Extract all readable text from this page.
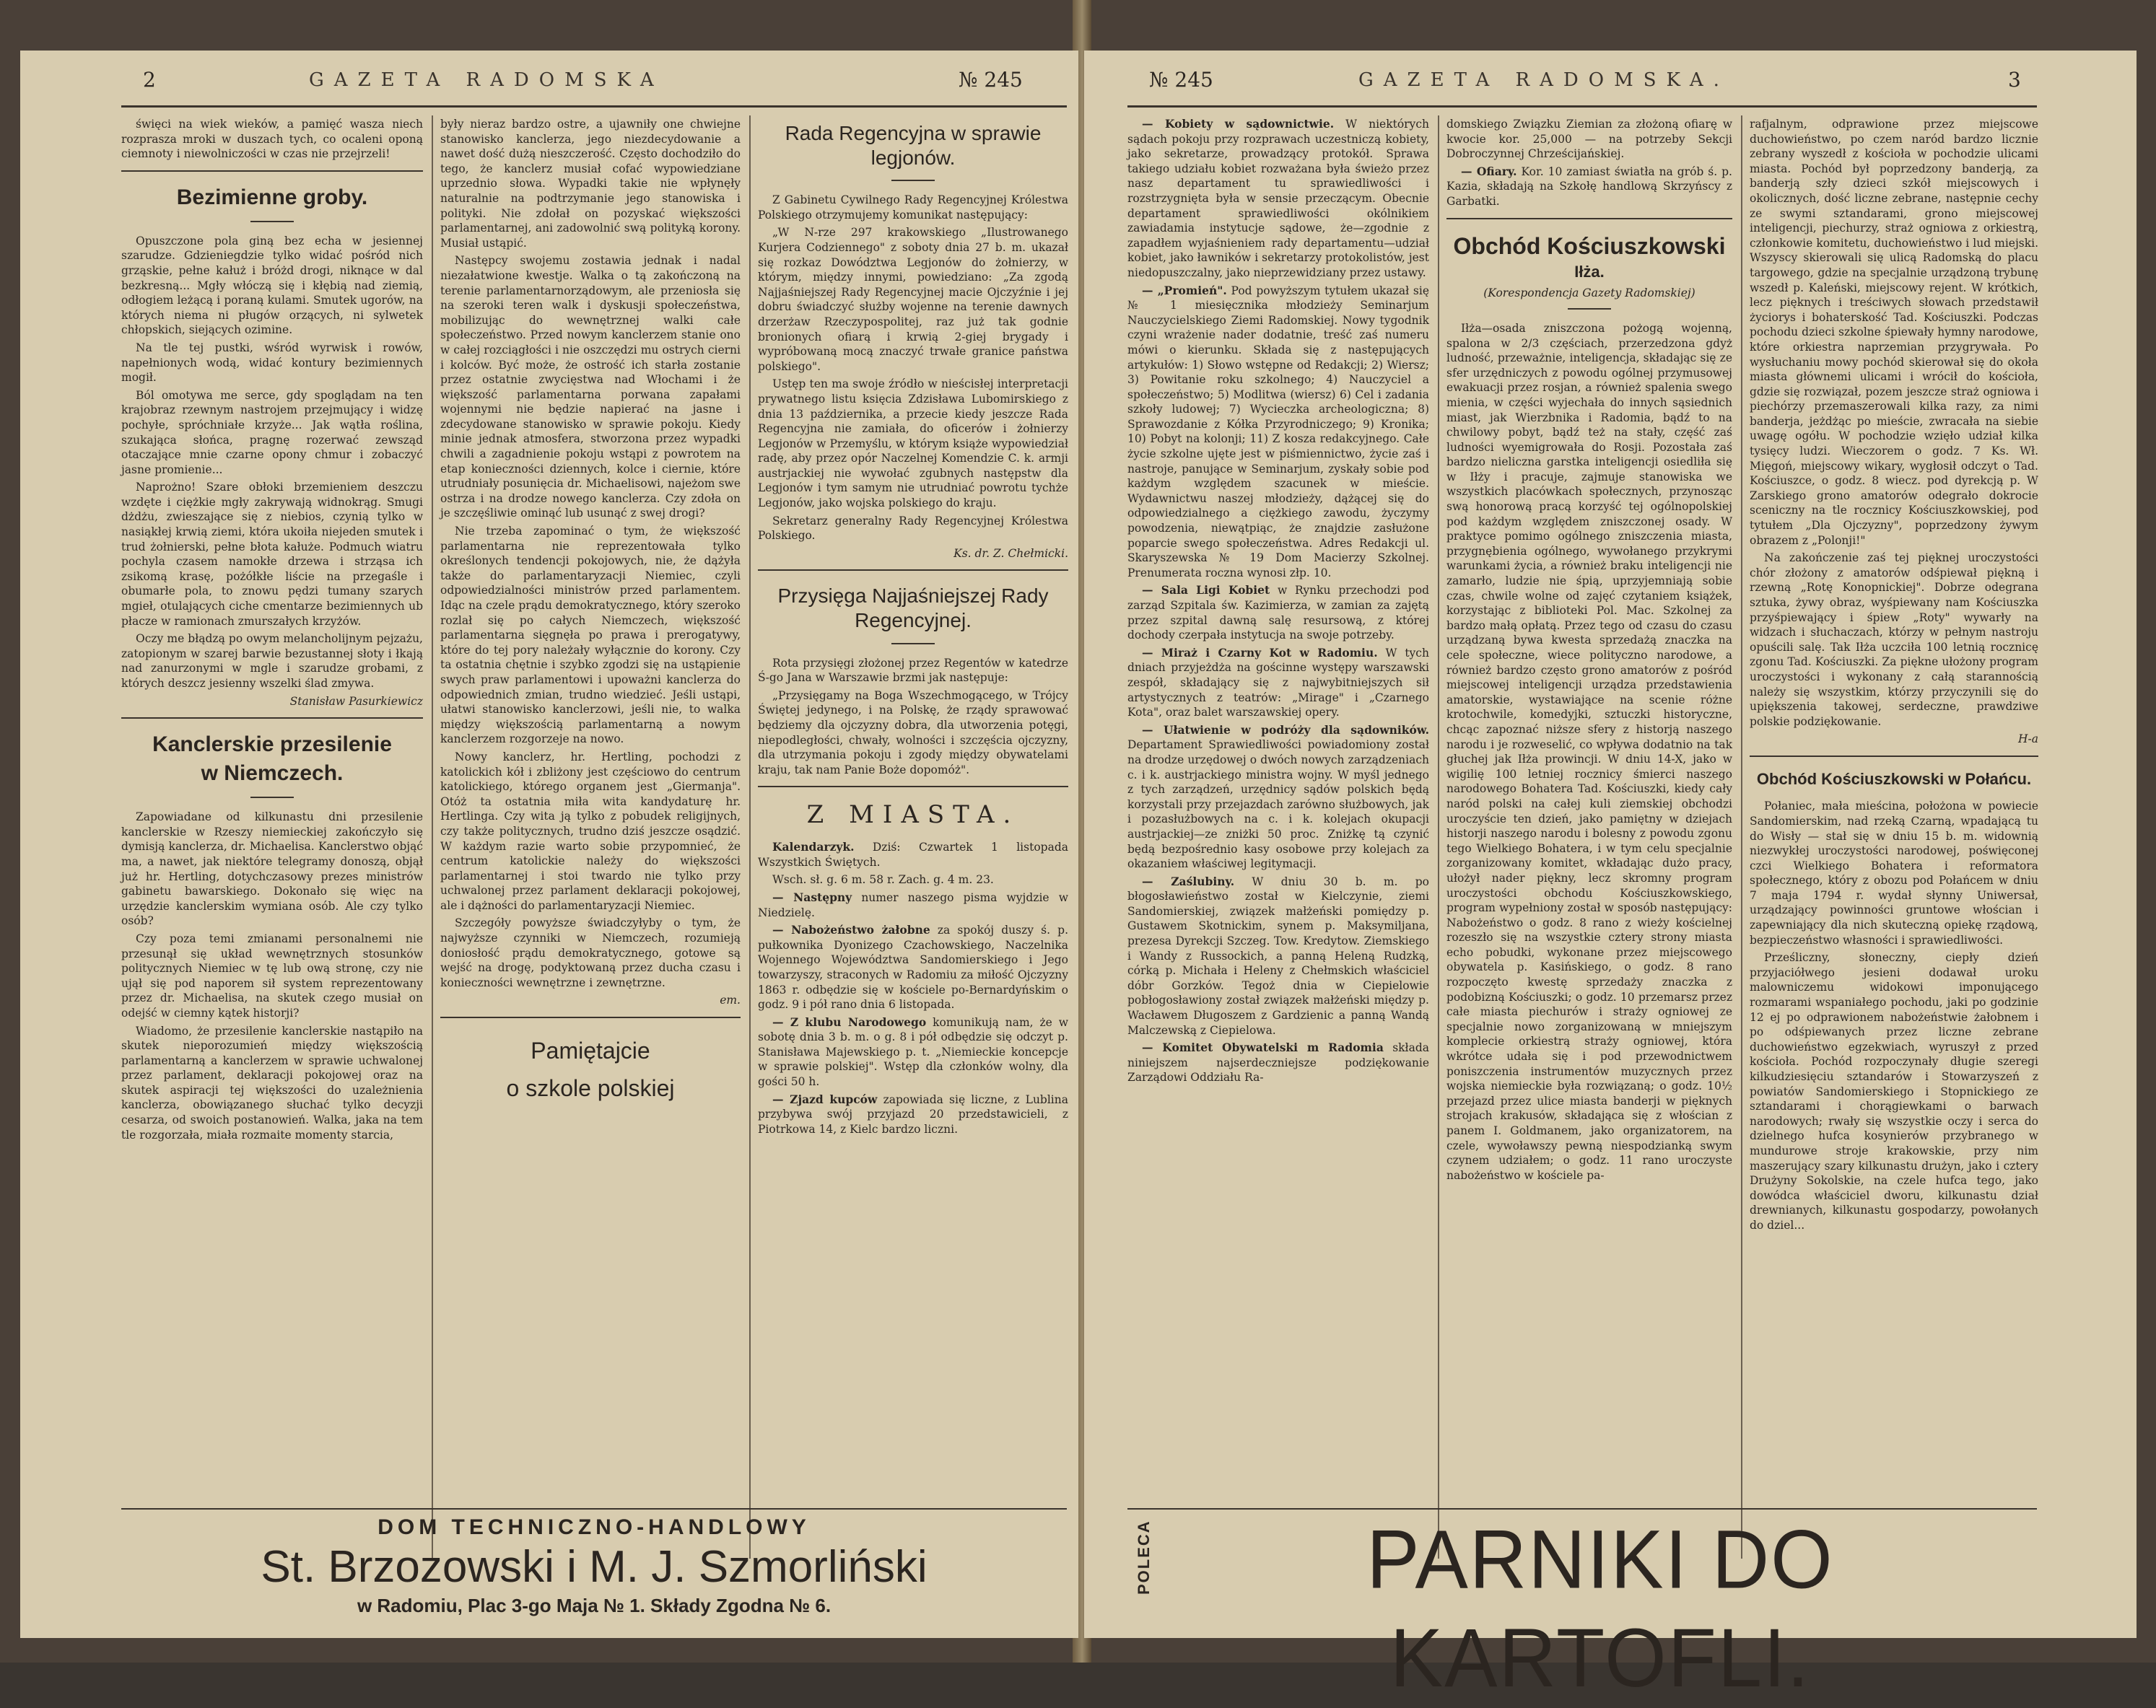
2	GAZETA RADOMSKA	№ 245

święci na wiek wieków, a pamięć wasza niech rozprasza mroki w duszach tych, co ocaleni oponą ciemnoty i niewolniczości w czas nie przejrzeli!

Bezimienne groby.

Opuszczone pola giną bez echa w jesiennej szarudze. Gdzieniegdzie tylko widać pośród nich grząskie, pełne kałuż i bróżd drogi, niknące w dal bezkresną... Mgły włóczą się i kłębią nad ziemią, odłogiem leżącą i poraną kulami. Smutek ugorów, na których niema ni pługów orzących, ni sylwetek chłopskich, siejących ozimine.

Na tle tej pustki, wśród wyrwisk i rowów, napełnionych wodą, widać kontury bezimiennych mogił.

Ból omotywa me serce, gdy spoglądam na ten krajobraz rzewnym nastrojem przejmujący i widzę pochyłe, spróchniałe krzyże... Jak wątła roślina, szukająca słońca, pragnę rozerwać zewsząd otaczające mnie czarne opony chmur i zobaczyć jasne promienie...

Naprożno! Szare obłoki brzemieniem deszczu wzdęte i ciężkie mgły zakrywają widnokrąg. Smugi dżdżu, zwieszające się z niebios, czynią tylko w nasiąkłej krwią ziemi, która ukoiła niejeden smutek i trud żołnierski, pełne błota kałuże. Podmuch wiatru pochyla czasem namokłe drzewa i strząsa ich zsikomą krasę, pożółkłe liście na przegaśle i obumarłe pola, to znowu pędzi tumany szarych mgieł, otulających ciche cmentarze bezimiennych ub płacze w ramionach zmurszałych krzyżów.

Oczy me błądzą po owym melancholijnym pejzażu, zatopionym w szarej barwie bezustannej słoty i łkają nad zanurzonymi w mgle i szarudze grobami, z których deszcz jesienny wszelki ślad zmywa.

Stanisław Pasurkiewicz

Kanclerskie przesilenie
w Niemczech.

Zapowiadane od kilkunastu dni przesilenie kanclerskie w Rzeszy niemieckiej zakończyło się dymisją kanclerza, dr. Michaelisa. Kanclerstwo objąć ma, a nawet, jak niektóre telegramy donoszą, objął już hr. Hertling, dotychczasowy prezes ministrów gabinetu bawarskiego. Dokonało się więc na urzędzie kanclerskim wymiana osób. Ale czy tylko osób?

Czy poza temi zmianami personalnemi nie przesunął się układ wewnętrznych stosunków politycznych Niemiec w tę lub ową stronę, czy nie ujął się pod naporem sił system reprezentowany przez dr. Michaelisa, na skutek czego musiał on odejść w ciemny kątek historji?

Wiadomo, że przesilenie kanclerskie nastąpiło na skutek nieporozumień między większością parlamentarną a kanclerzem w sprawie uchwalonej przez parlament, deklaracji pokojowej oraz na skutek aspiracji tej większości do uzależnienia kanclerza, obowiązanego słuchać tylko decyzji cesarza, od swoich postanowień. Walka, jaka na tem tle rozgorzała, miała rozmaite momenty starcia,

były nieraz bardzo ostre, a ujawniły one chwiejne stanowisko kanclerza, jego niezdecydowanie a nawet dość dużą nieszczerość. Często dochodziło do tego, że kanclerz musiał cofać wypowiedziane uprzednio słowa. Wypadki takie nie wpłynęły naturalnie na podtrzymanie jego stanowiska i polityki. Nie zdołał on pozyskać większości parlamentarnej, ani zadowolnić swą polityką korony. Musiał ustąpić.

Następcy swojemu zostawia jednak i nadal niezałatwione kwestje. Walka o tą zakończoną na terenie parlamentarnorządowym, ale przeniosła się na szeroki teren walk i dyskusji społeczeństwa, mobilizując do wewnętrznej walki całe społeczeństwo. Przed nowym kanclerzem stanie ono w całej rozciągłości i nie oszczędzi mu ostrych cierni i kolców. Być może, że ostrość ich starła zostanie przez ostatnie zwycięstwa nad Włochami i że większość parlamentarna porwana zapałami wojennymi nie będzie napierać na jasne i zdecydowane stanowisko w sprawie pokoju. Kiedy minie jednak atmosfera, stworzona przez wypadki chwili a zagadnienie pokoju wstąpi z powrotem na etap konieczności dziennych, kolce i ciernie, które utrudniały posunięcia dr. Michaelisowi, najeżom swe ostrza i na drodze nowego kanclerza. Czy zdoła on je szczęśliwie ominąć lub usunąć z swej drogi?

Nie trzeba zapominać o tym, że większość parlamentarna nie reprezentowała tylko określonych tendencji pokojowych, nie, że dążyła także do parlamentaryzacji Niemiec, czyli odpowiedzialności ministrów przed parlamentem. Idąc na czele prądu demokratycznego, który szeroko rozlał się po całych Niemczech, większość parlamentarna sięgnęła po prawa i prerogatywy, które do tej pory należały wyłącznie do korony. Czy ta ostatnia chętnie i szybko zgodzi się na ustąpienie swych praw parlamentowi i upoważni kanclerza do odpowiednich zmian, trudno wiedzieć. Jeśli ustąpi, ułatwi stanowisko kanclerzowi, jeśli nie, to walka między większością parlamentarną a nowym kanclerzem rozgorzeje na nowo.

Nowy kanclerz, hr. Hertling, pochodzi z katolickich kół i zbliżony jest częściowo do centrum katolickiego, którego organem jest „Giermanja". Otóż ta ostatnia miła wita kandydaturę hr. Hertlinga. Czy wita ją tylko z pobudek religijnych, czy także politycznych, trudno dziś jeszcze osądzić. W każdym razie warto sobie przypomnieć, że centrum katolickie należy do większości parlamentarnej i stoi twardo nie tylko przy uchwalonej przez parlament deklaracji pokojowej, ale i dążności do parlamentaryzacji Niemiec.

Szczegóły powyższe świadczyłyby o tym, że najwyższe czynniki w Niemczech, rozumieją doniosłość prądu demokratycznego, gotowe są wejść na drogę, podyktowaną przez ducha czasu i konieczności wewnętrzne i zewnętrzne.

em.

Pamiętajcie
o szkole polskiej
Rada Regencyjna w sprawie legjonów.

Z Gabinetu Cywilnego Rady Regencyjnej Królestwa Polskiego otrzymujemy komunikat następujący:

„W N-rze 297 krakowskiego „Ilustrowanego Kurjera Codziennego" z soboty dnia 27 b. m. ukazał się rozkaz Dowództwa Legjonów do żołnierzy, w którym, między innymi, powiedziano: „Za zgodą Najjaśniejszej Rady Regencyjnej macie Ojczyźnie i jej dobru świadczyć służby wojenne na terenie dawnych drzerżaw Rzeczypospolitej, raz już tak godnie bronionych ofiarą i krwią 2-giej brygady i wypróbowaną mocą znaczyć trwałe granice państwa polskiego".

Ustęp ten ma swoje źródło w nieścisłej interpretacji prywatnego listu księcia Zdzisława Lubomirskiego z dnia 13 października, a przecie kiedy jeszcze Rada Regencyjna nie zamiała, do oficerów i żołnierzy Legjonów w Przemyślu, w którym książe wypowiedział radę, aby przez opór Naczelnej Komendzie C. k. armji austrjackiej nie wywołać zgubnych następstw dla Legjonów i tym samym nie utrudniać powrotu tychże Legjonów, jako wojska polskiego do kraju.

Sekretarz generalny Rady Regencyjnej Królestwa Polskiego.

Ks. dr. Z. Chełmicki.

Przysięga Najjaśniejszej Rady Regencyjnej.

Rota przysięgi złożonej przez Regentów w katedrze Ś-go Jana w Warszawie brzmi jak następuje:

„Przysięgamy na Boga Wszechmogącego, w Trójcy Świętej jedynego, i na Polskę, że rządy sprawować będziemy dla ojczyzny dobra, dla utworzenia potęgi, niepodległości, chwały, wolności i szczęścia ojczyzny, dla utrzymania pokoju i zgody między obywatelami kraju, tak nam Panie Boże dopomóż".

Z MIASTA.

Kalendarzyk. Dziś: Czwartek 1 listopada Wszystkich Świętych.

Wsch. sł. g. 6 m. 58 r. Zach. g. 4 m. 23.

— Następny numer naszego pisma wyjdzie w Niedzielę.

— Nabożeństwo żałobne za spokój duszy ś. p. pułkownika Dyonizego Czachowskiego, Naczelnika Wojennego Województwa Sandomierskiego i Jego towarzyszy, straconych w Radomiu za miłość Ojczyzny 1863 r. odbędzie się w kościele po-Bernardyńskim o godz. 9 i pół rano dnia 6 listopada.

— Z klubu Narodowego komunikują nam, że w sobotę dnia 3 b. m. o g. 8 i pół odbędzie się odczyt p. Stanisława Majewskiego p. t. „Niemieckie koncepcje w sprawie polskiej". Wstęp dla członków wolny, dla gości 50 h.

— Zjazd kupców zapowiada się liczne, z Lublina przybywa swój przyjazd 20 przedstawicieli, z Piotrkowa 14, z Kielc bardzo liczni.

DOM TECHNICZNO-HANDLOWY
St. Brzozowski i M. J. Szmorliński
w Radomiu, Plac 3-go Maja № 1. Składy Zgodna № 6.
№ 245	GAZETA RADOMSKA.	3

— Kobiety w sądownictwie. W niektórych sądach pokoju przy rozprawach uczestniczą kobiety, jako sekretarze, prowadzący protokół. Sprawa takiego udziału kobiet rozważana była świeżo przez nasz departament tu sprawiedliwości i rozstrzygnięta była w sensie przeczącym. Obecnie departament sprawiedliwości okólnikiem zawiadamia instytucje sądowe, że—zgodnie z zapadłem wyjaśnieniem rady departamentu—udział kobiet, jako ławników i sekretarzy protokolistów, jest niedopuszczalny, jako nieprzewidziany przez ustawy.

— „Promień". Pod powyższym tytułem ukazał się № 1 miesięcznika młodzieży Seminarjum Nauczycielskiego Ziemi Radomskiej. Nowy tygodnik czyni wrażenie nader dodatnie, treść zaś numeru mówi o kierunku. Składa się z następujących artykułów: 1) Słowo wstępne od Redakcji; 2) Wiersz; 3) Powitanie roku szkolnego; 4) Nauczyciel a społeczeństwo; 5) Modlitwa (wiersz) 6) Cel i zadania szkoły ludowej; 7) Wycieczka archeologiczna; 8) Sprawozdanie z Kółka Przyrodniczego; 9) Kronika; 10) Pobyt na kolonji; 11) Z kosza redakcyjnego. Całe życie szkolne ujęte jest w piśmiennictwo, życie zaś i nastroje, panujące w Seminarjum, zyskały sobie pod każdym względem szacunek w mieście. Wydawnictwu naszej młodzieży, dążącej się do odpowiedzialnego a ciężkiego zawodu, życzymy powodzenia, niewątpiąc, że znajdzie zasłużone poparcie swego społeczeństwa. Adres Redakcji ul. Skaryszewska № 19 Dom Macierzy Szkolnej. Prenumerata roczna wynosi złp. 10.

— Sala Ligi Kobiet w Rynku przechodzi pod zarząd Szpitala św. Kazimierza, w zamian za zajętą przez szpital dawną salę resursową, z której dochody czerpała instytucja na swoje potrzeby.

— Miraż i Czarny Kot w Radomiu. W tych dniach przyjeżdża na gościnne występy warszawski zespół, składający się z najwybitniejszych sił artystycznych z teatrów: „Mirage" i „Czarnego Kota", oraz balet warszawskiej opery.

— Ułatwienie w podróży dla sądowników. Departament Sprawiedliwości powiadomiony został na drodze urzędowej o dwóch nowych zarządzeniach c. i k. austrjackiego ministra wojny. W myśl jednego z tych zarządzeń, urzędnicy sądów polskich będą korzystali przy przejazdach zarówno służbowych, jak i pozasłużbowych na c. i k. kolejach okupacji austrjackiej—ze zniżki 50 proc. Zniżkę tą czynić będą bezpośrednio kasy osobowe przy kolejach za okazaniem właściwej legitymacji.

— Zaślubiny. W dniu 30 b. m. po błogosławieństwo został w Kielczynie, ziemi Sandomierskiej, związek małżeński pomiędzy p. Gustawem Skotnickim, synem p. Maksymiljana, prezesa Dyrekcji Szczeg. Tow. Kredytow. Ziemskiego i Wandy z Russockich, a panną Heleną Rudzką, córką p. Michała i Heleny z Chełmskich właściciel dóbr Gorzków. Tegoż dnia w Ciepielowie pobłogosławiony został związek małżeński między p. Wacławem Długoszem z Gardzienic a panną Wandą Malczewską z Ciepielowa.

— Komitet Obywatelski m Radomia składa niniejszem najserdeczniejsze podziękowanie Zarządowi Oddziału Ra-

domskiego Związku Ziemian za złożoną ofiarę w kwocie kor. 25,000 — na potrzeby Sekcji Dobroczynnej Chrześcijańskiej.

— Ofiary. Kor. 10 zamiast światła na grób ś. p. Kazia, składają na Szkołę handlową Skrzyńscy z Garbatki.

Obchód Kościuszkowski
Iłża.
(Korespondencja Gazety Radomskiej)

Iłża—osada zniszczona pożogą wojenną, spalona w 2/3 częściach, przerzedzona gdyż ludność, przeważnie, inteligencja, składając się ze sfer urzędniczych z powodu ogólnej przymusowej ewakuacji przez rosjan, a również spalenia swego mienia, w części wyjechała do innych sąsiednich miast, jak Wierzbnika i Radomia, bądź to na chwilowy pobyt, bądź też na stały, część zaś ludności wyemigrowała do Rosji. Pozostała zaś bardzo nieliczna garstka inteligencji osiedliła się w Iłży i pracuje, zajmuje stanowiska we wszystkich placówkach społecznych, przynosząc swą honorową pracą korzyść tej ogólnopolskiej pod każdym względem zniszczonej osady. W praktyce pomimo ogólnego zniszczenia miasta, przygnębienia ogólnego, wywołanego przykrymi warunkami życia, a również braku inteligencji nie zamarło, ludzie nie śpią, uprzyjemniają sobie czas, chwile wolne od zajęć czytaniem książek, korzystając z biblioteki Pol. Mac. Szkolnej za bardzo małą opłatą. Przez tego od czasu do czasu urządzaną bywa kwesta sprzedażą znaczka na cele społeczne, wiece polityczno narodowe, a również bardzo często grono amatorów z pośród miejscowej inteligencji urządza przedstawienia amatorskie, wystawiające na scenie różne krotochwile, komedyjki, sztuczki historyczne, chcąc zapoznać niższe sfery z historją naszego narodu i je rozweselić, co wpływa dodatnio na tak głuchej jak Iłża prowincji. W dniu 14-X, jako w wigilię 100 letniej rocznicy śmierci naszego narodowego Bohatera Tad. Kościuszki, kiedy cały naród polski na całej kuli ziemskiej obchodzi uroczyście ten dzień, jako pamiętny w dziejach historji naszego narodu i bolesny z powodu zgonu tego Wielkiego Bohatera, i w tym celu specjalnie zorganizowany komitet, wkładając dużo pracy, ułożył nader piękny, lecz skromny program uroczystości obchodu Kościuszkowskiego, program wypełniony został w sposób następujący: Nabożeństwo o godz. 8 rano z wieży kościelnej rozeszło się na wszystkie cztery strony miasta echo pobudki, wykonane przez miejscowego obywatela p. Kasińskiego, o godz. 8 rano rozpoczęto kwestę sprzedaży znaczka z podobizną Kościuszki; o godz. 10 przemarsz przez całe miasta piechurów i straży ogniowej ze specjalnie nowo zorganizowaną w mniejszym komplecie orkiestrą straży ogniowej, która wkrótce udała się i pod przewodnictwem poniszczenia instrumentów muzycznych przez wojska niemieckie była rozwiązaną; o godz. 10½ przejazd przez ulice miasta banderji w pięknych strojach krakusów, składająca się z włościan z panem I. Goldmanem, jako organizatorem, na czele, wywoławszy pewną niespodzianką swym czynem udziałem; o godz. 11 rano uroczyste nabożeństwo w kościele pa-

rafjalnym, odprawione przez miejscowe duchowieństwo, po czem naród bardzo licznie zebrany wyszedł z kościoła w pochodzie ulicami miasta. Pochód był poprzedzony banderją, za banderją szły dzieci szkół miejscowych i okolicznych, dość liczne zebrane, następnie cechy ze swymi sztandarami, grono miejscowej inteligencji, piechurzy, straż ogniowa z orkiestrą, członkowie komitetu, duchowieństwo i lud miejski. Wszyscy skierowali się ulicą Radomską do placu targowego, gdzie na specjalnie urządzoną trybunę wszedł p. Kaleński, miejscowy rejent. W krótkich, lecz pięknych i treściwych słowach przedstawił życiorys i bohaterskość Tad. Kościuszki. Podczas pochodu dzieci szkolne śpiewały hymny narodowe, które orkiestra naprzemian przygrywała. Po wysłuchaniu mowy pochód skierował się do okoła miasta głównemi ulicami i wrócił do kościoła, gdzie się rozwiązał, pozem jeszcze straż ogniowa i piechórzy przemaszerowali kilka razy, za nimi banderja, jeżdżąc po mieście, zwracała na siebie uwagę ogółu. W pochodzie wzięło udział kilka tysięcy ludzi. Wieczorem o godz. 7 Ks. Wł. Mięgoń, miejscowy wikary, wygłosił odczyt o Tad. Kościuszce, o godz. 8 wiecz. pod dyrekcją p. W Zarskiego grono amatorów odegrało dokrocie sceniczny na tle rocznicy Kościuszkowskiej, pod tytułem „Dla Ojczyzny", poprzedzony żywym obrazem z „Polonji!"

Na zakończenie zaś tej pięknej uroczystości chór złożony z amatorów odśpiewał piękną i rzewną „Rotę Konopnickiej". Dobrze odegrana sztuka, żywy obraz, wyśpiewany nam Kościuszka przyśpiewający i śpiew „Roty" wywarły na widzach i słuchaczach, którzy w pełnym nastroju opuścili salę. Tak Iłża uczciła 100 letnią rocznicę zgonu Tad. Kościuszki. Za piękne ułożony program uroczystości i wykonany z całą starannością należy się wszystkim, którzy przyczynili się do upiększenia takowej, serdeczne, prawdziwe polskie podziękowanie.

H-a

Obchód Kościuszkowski w Połańcu.

Połaniec, mała mieścina, położona w powiecie Sandomierskim, nad rzeką Czarną, wpadającą tu do Wisły — stał się w dniu 15 b. m. widownią niezwykłej uroczystości narodowej, poświęconej czci Wielkiego Bohatera i reformatora społecznego, który z obozu pod Połańcem w dniu 7 maja 1794 r. wydał słynny Uniwersał, urządzający powinności gruntowe włościan i zapewniający dla nich skuteczną opiekę rządową, bezpieczeństwo własności i sprawiedliwości.

Prześliczny, słoneczny, ciepły dzień przyjaciółwego jesieni dodawał uroku malowniczemu widokowi imponującego rozmarami wspaniałego pochodu, jaki po godzinie 12 ej po odprawionem nabożeństwie żałobnem i po odśpiewanych przez liczne zebrane duchowieństwo egzekwiach, wyruszył z przed kościoła. Pochód rozpoczynały długie szeregi kilkudziesięciu sztandarów i Stowarzyszeń z powiatów Sandomierskiego i Stopnickiego ze sztandarami i chorągiewkami o barwach narodowych; rwały się wszystkie oczy i serca do dzielnego hufca kosynierów przybranego w mundurowe stroje krakowskie, przy nim maszerujący szary kilkunastu drużyn, jako i cztery Drużyny Sokolskie, na czele hufca tego, jako dowódca właściciel dworu, kilkunastu dział drewnianych, kilkunastu gospodarzy, powołanych do dziel...

POLECA	PARNIKI DO KARTOFLI.
